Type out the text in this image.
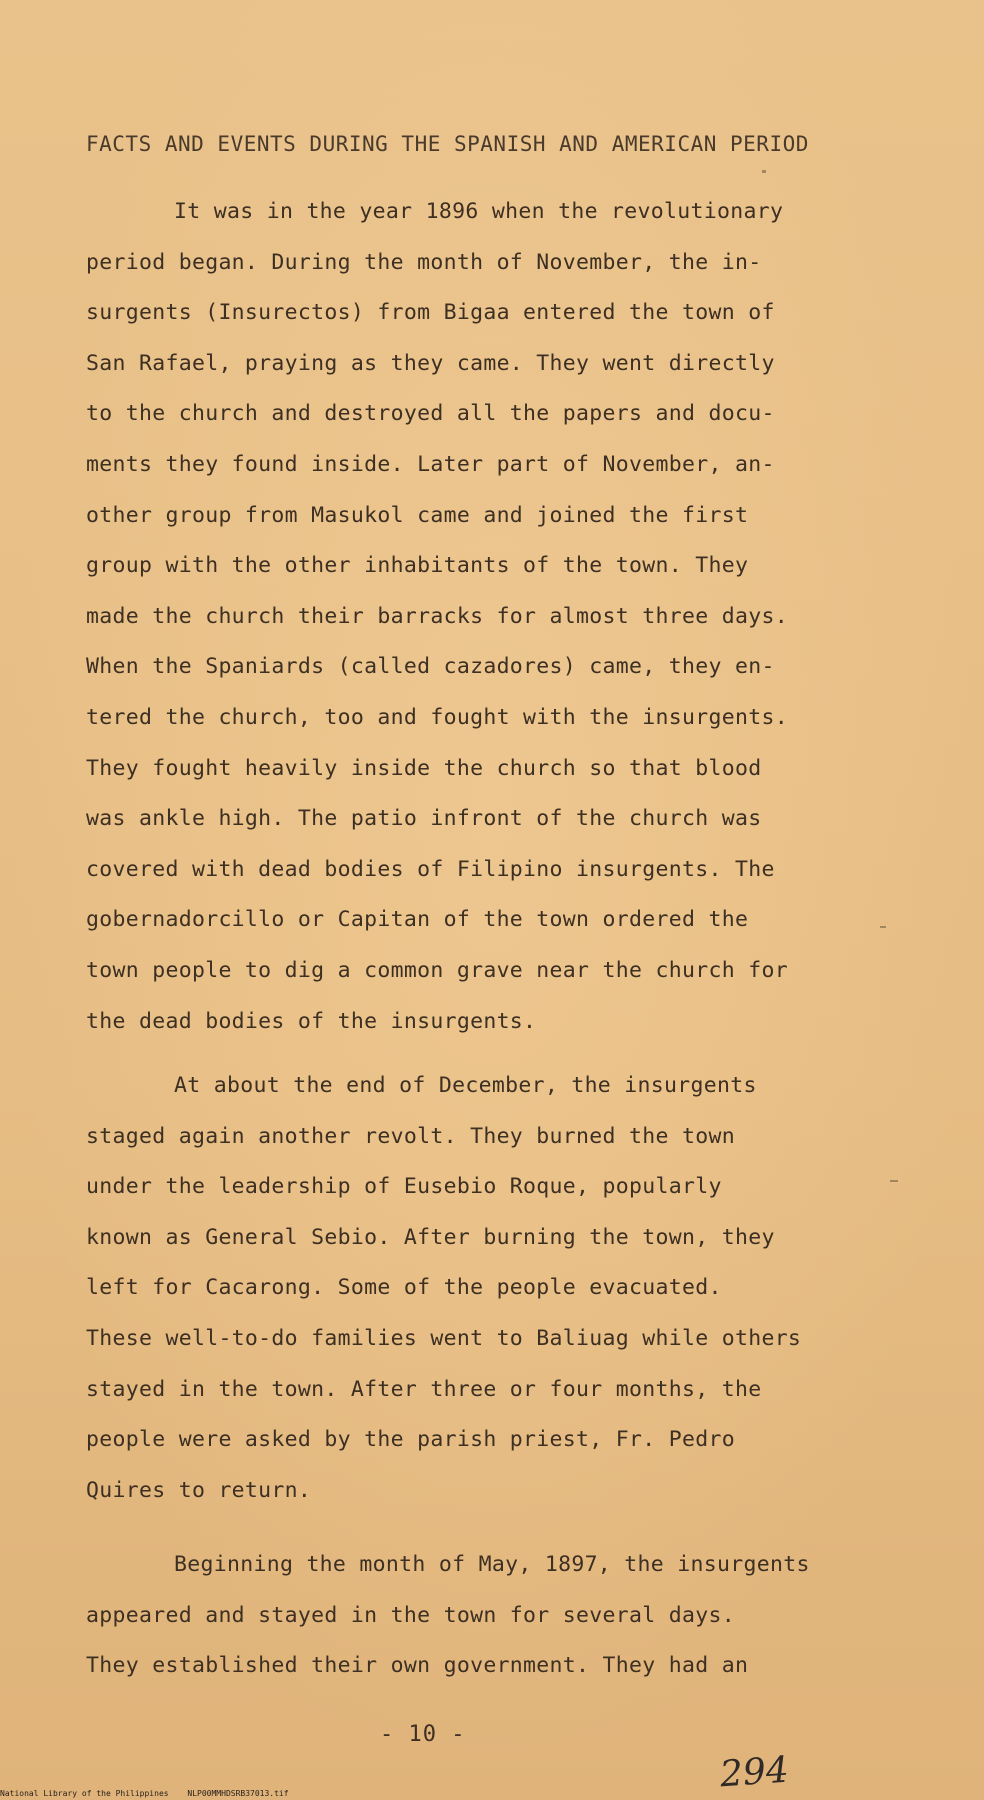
FACTS AND EVENTS DURING THE SPANISH AND AMERICAN PERIOD
It was in the year 1896 when the revolutionary
period began. During the month of November, the in-
surgents (Insurectos) from Bigaa entered the town of
San Rafael, praying as they came. They went directly
to the church and destroyed all the papers and docu-
ments they found inside. Later part of November, an-
other group from Masukol came and joined the first
group with the other inhabitants of the town. They
made the church their barracks for almost three days.
When the Spaniards (called cazadores) came, they en-
tered the church, too and fought with the insurgents.
They fought heavily inside the church so that blood
was ankle high. The patio infront of the church was
covered with dead bodies of Filipino insurgents. The
gobernadorcillo or Capitan of the town ordered the
town people to dig a common grave near the church for
the dead bodies of the insurgents.
At about the end of December, the insurgents
staged again another revolt. They burned the town
under the leadership of Eusebio Roque, popularly
known as General Sebio. After burning the town, they
left for Cacarong. Some of the people evacuated.
These well-to-do families went to Baliuag while others
stayed in the town. After three or four months, the
people were asked by the parish priest, Fr. Pedro
Quires to return.
Beginning the month of May, 1897, the insurgents
appeared and stayed in the town for several days.
They established their own government. They had an
- 10 -
294
National Library of the Philippines NLP00MMHDSRB37013.tif
